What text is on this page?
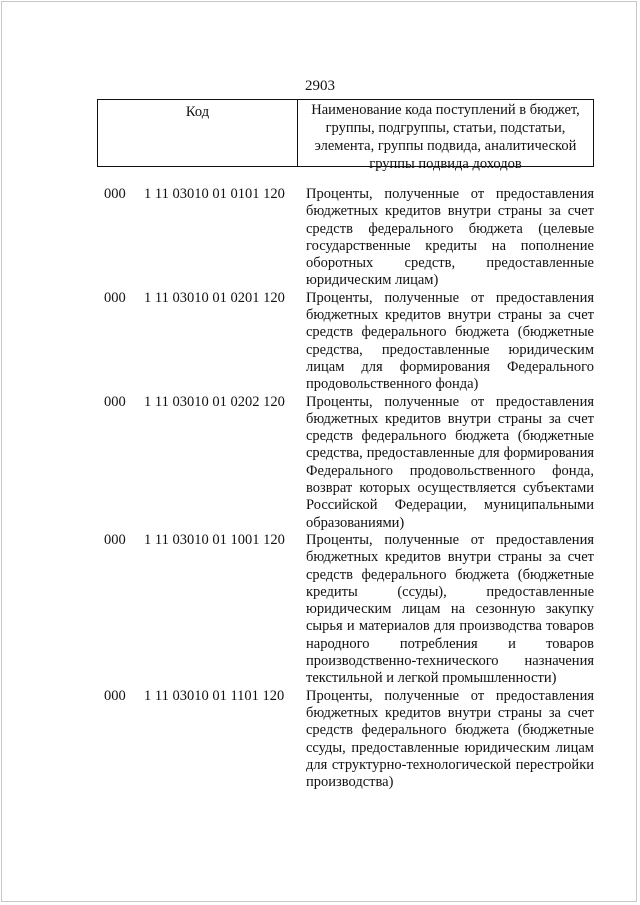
2903
Код	Наименование кода поступлений в бюджет, группы, подгруппы, статьи, подстатьи, элемента, группы подвида, аналитической группы подвида доходов
000	1 11 03010 01 0101 120	Проценты, полученные от предоставления бюджетных кредитов внутри страны за счет средств федерального бюджета (целевые государственные кредиты на пополнение оборотных средств, предоставленные юридическим лицам)
000	1 11 03010 01 0201 120	Проценты, полученные от предоставления бюджетных кредитов внутри страны за счет средств федерального бюджета (бюджетные средства, предоставленные юридическим лицам для формирования Федерального продовольственного фонда)
000	1 11 03010 01 0202 120	Проценты, полученные от предоставления бюджетных кредитов внутри страны за счет средств федерального бюджета (бюджетные средства, предоставленные для формирования Федерального продовольственного фонда, возврат которых осуществляется субъектами Российской Федерации, муниципальными образованиями)
000	1 11 03010 01 1001 120	Проценты, полученные от предоставления бюджетных кредитов внутри страны за счет средств федерального бюджета (бюджетные кредиты (ссуды), предоставленные юридическим лицам на сезонную закупку сырья и материалов для производства товаров народного потребления и товаров производственно-технического назначения текстильной и легкой промышленности)
000	1 11 03010 01 1101 120	Проценты, полученные от предоставления бюджетных кредитов внутри страны за счет средств федерального бюджета (бюджетные ссуды, предоставленные юридическим лицам для структурно-технологической перестройки производства)
